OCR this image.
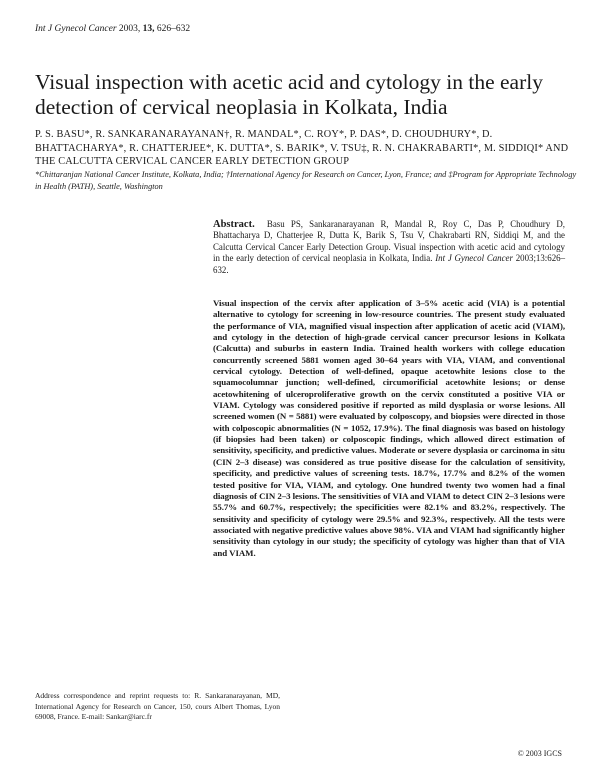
Int J Gynecol Cancer 2003, 13, 626–632
Visual inspection with acetic acid and cytology in the early detection of cervical neoplasia in Kolkata, India
P. S. BASU*, R. SANKARANARAYANAN†, R. MANDAL*, C. ROY*, P. DAS*, D. CHOUDHURY*, D. BHATTACHARYA*, R. CHATTERJEE*, K. DUTTA*, S. BARIK*, V. TSU‡, R. N. CHAKRABARTI*, M. SIDDIQI* AND THE CALCUTTA CERVICAL CANCER EARLY DETECTION GROUP
*Chittaranjan National Cancer Institute, Kolkata, India; †International Agency for Research on Cancer, Lyon, France; and ‡Program for Appropriate Technology in Health (PATH), Seattle, Washington
Abstract. Basu PS, Sankaranarayanan R, Mandal R, Roy C, Das P, Choudhury D, Bhattacharya D, Chatterjee R, Dutta K, Barik S, Tsu V, Chakrabarti RN, Siddiqi M, and the Calcutta Cervical Cancer Early Detection Group. Visual inspection with acetic acid and cytology in the early detection of cervical neoplasia in Kolkata, India. Int J Gynecol Cancer 2003;13:626–632.
Visual inspection of the cervix after application of 3–5% acetic acid (VIA) is a potential alternative to cytology for screening in low-resource countries. The present study evaluated the performance of VIA, magnified visual inspection after application of acetic acid (VIAM), and cytology in the detection of high-grade cervical cancer precursor lesions in Kolkata (Calcutta) and suburbs in eastern India. Trained health workers with college education concurrently screened 5881 women aged 30–64 years with VIA, VIAM, and conventional cervical cytology. Detection of well-defined, opaque acetowhite lesions close to the squamocolumnar junction; well-defined, circumorificial acetowhite lesions; or dense acetowhitening of ulceroproliferative growth on the cervix constituted a positive VIA or VIAM. Cytology was considered positive if reported as mild dysplasia or worse lesions. All screened women (N = 5881) were evaluated by colposcopy, and biopsies were directed in those with colposcopic abnormalities (N = 1052, 17.9%). The final diagnosis was based on histology (if biopsies had been taken) or colposcopic findings, which allowed direct estimation of sensitivity, specificity, and predictive values. Moderate or severe dysplasia or carcinoma in situ (CIN 2–3 disease) was considered as true positive disease for the calculation of sensitivity, specificity, and predictive values of screening tests. 18.7%, 17.7% and 8.2% of the women tested positive for VIA, VIAM, and cytology. One hundred twenty two women had a final diagnosis of CIN 2–3 lesions. The sensitivities of VIA and VIAM to detect CIN 2–3 lesions were 55.7% and 60.7%, respectively; the specificities were 82.1% and 83.2%, respectively. The sensitivity and specificity of cytology were 29.5% and 92.3%, respectively. All the tests were associated with negative predictive values above 98%. VIA and VIAM had significantly higher sensitivity than cytology in our study; the specificity of cytology was higher than that of VIA and VIAM.
Address correspondence and reprint requests to: R. Sankaranarayanan, MD, International Agency for Research on Cancer, 150, cours Albert Thomas, Lyon 69008, France. E-mail: Sankar@iarc.fr
© 2003 IGCS
